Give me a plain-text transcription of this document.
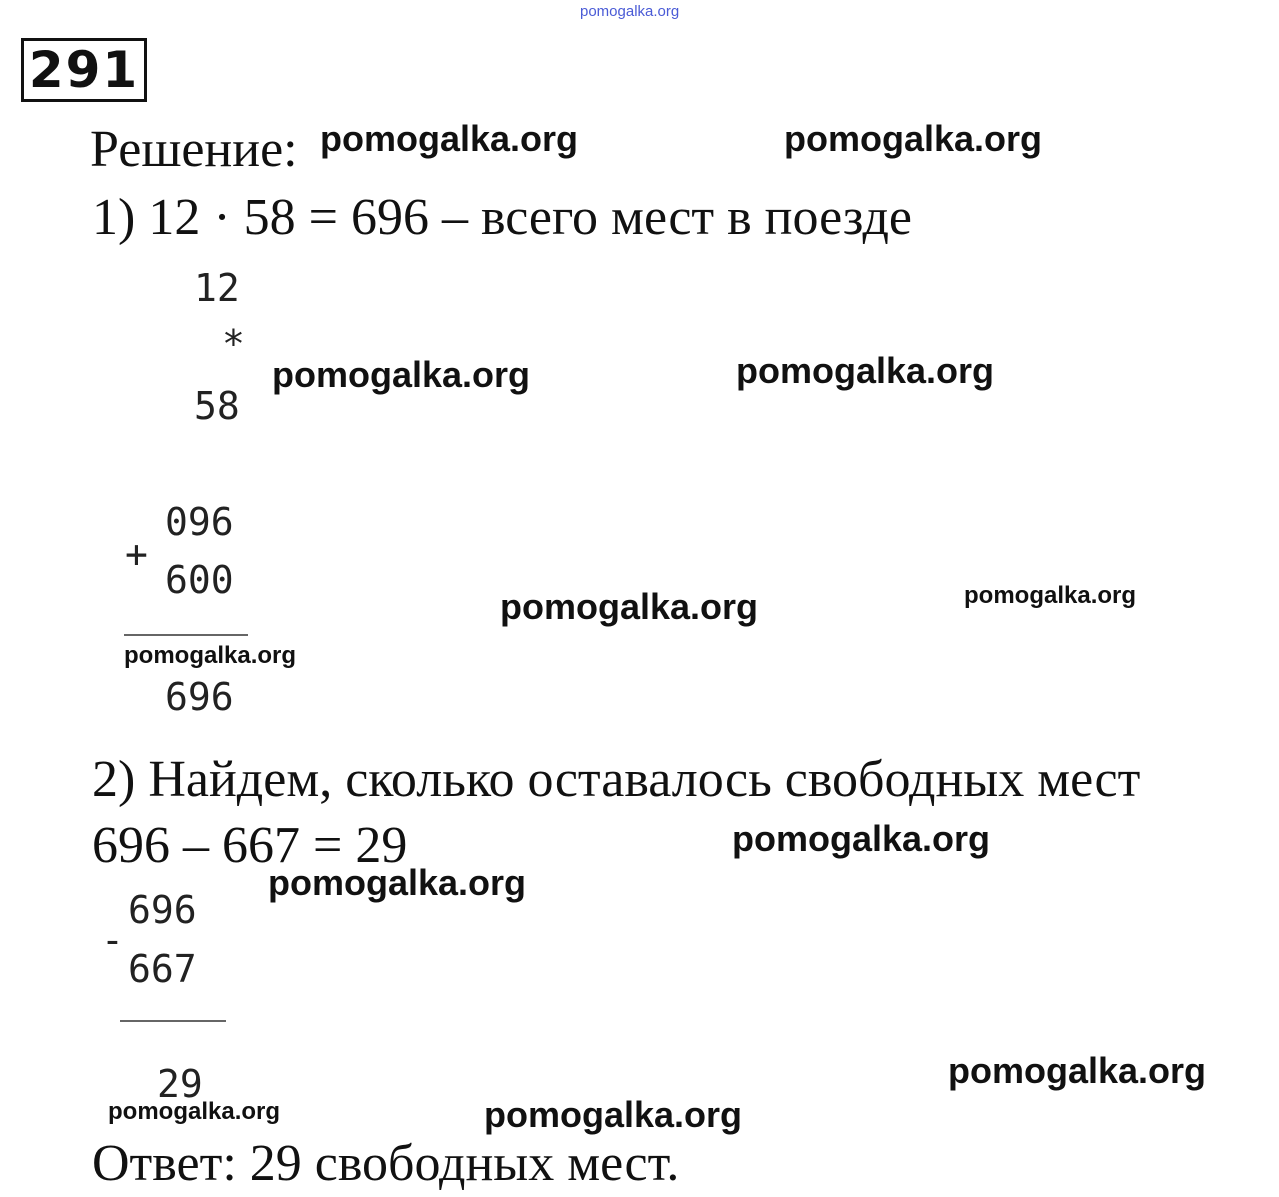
pomogalka.org
291
Решение:
1) 12 · 58 = 696 – всего мест в поезде
12
*
58
+
096
600
696
2) Найдем, сколько оставалось свободных мест
696 – 667 = 29
696
-
667
29
Ответ: 29 свободных мест.
pomogalka.org	pomogalka.org
pomogalka.org	pomogalka.org
pomogalka.org	pomogalka.org
pomogalka.org
pomogalka.org
pomogalka.org
pomogalka.org
pomogalka.org	pomogalka.org
